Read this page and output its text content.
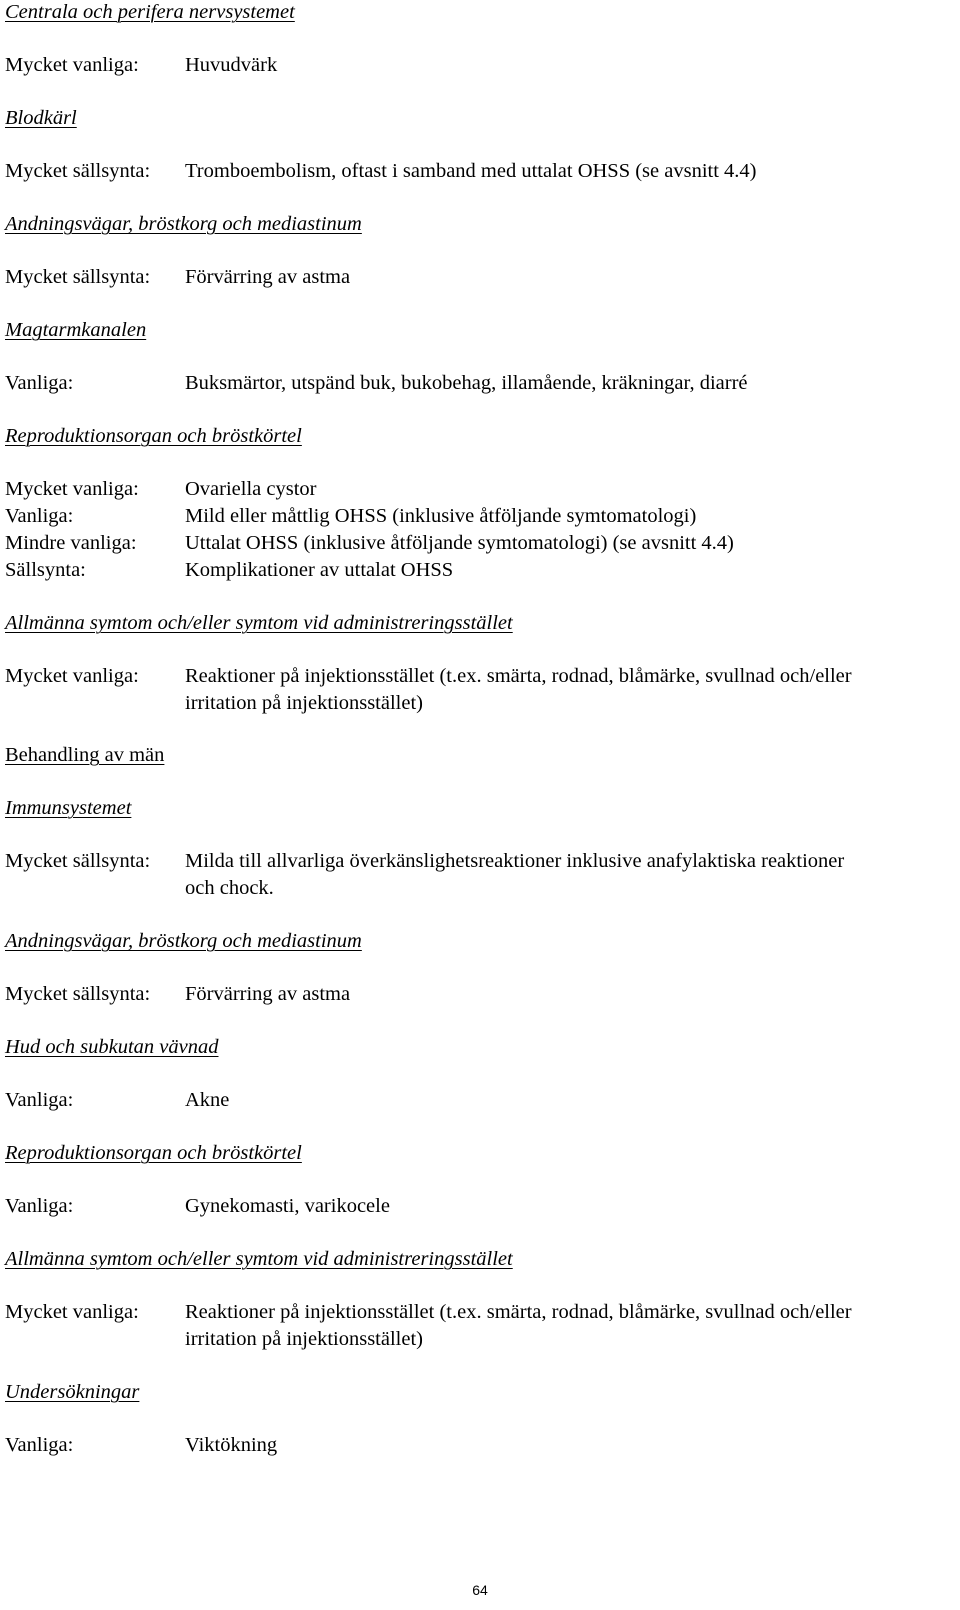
Centrala och perifera nervsystemet
Mycket vanliga: Huvudvärk
Blodkärl
Mycket sällsynta: Tromboembolism, oftast i samband med uttalat OHSS (se avsnitt 4.4)
Andningsvägar, bröstkorg och mediastinum
Mycket sällsynta: Förvärring av astma
Magtarmkanalen
Vanliga:	Buksmärtor, utspänd buk, bukobehag, illamående, kräkningar, diarré
Reproduktionsorgan och bröstkörtel
Mycket vanliga: Ovariella cystor
Vanliga:	Mild eller måttlig OHSS (inklusive åtföljande symtomatologi)
Mindre vanliga: Uttalat OHSS (inklusive åtföljande symtomatologi) (se avsnitt 4.4)
Sällsynta:	Komplikationer av uttalat OHSS
Allmänna symtom och/eller symtom vid administreringsstället
Mycket vanliga: Reaktioner på injektionsstället (t.ex. smärta, rodnad, blåmärke, svullnad och/eller
irritation på injektionsstället)
Behandling av män
Immunsystemet
Mycket sällsynta: Milda till allvarliga överkänslighetsreaktioner inklusive anafylaktiska reaktioner
och chock.
Andningsvägar, bröstkorg och mediastinum
Mycket sällsynta: Förvärring av astma
Hud och subkutan vävnad
Vanliga:	Akne
Reproduktionsorgan och bröstkörtel
Vanliga:	Gynekomasti, varikocele
Allmänna symtom och/eller symtom vid administreringsstället
Mycket vanliga: Reaktioner på injektionsstället (t.ex. smärta, rodnad, blåmärke, svullnad och/eller
irritation på injektionsstället)
Undersökningar
Vanliga:	Viktökning
64
